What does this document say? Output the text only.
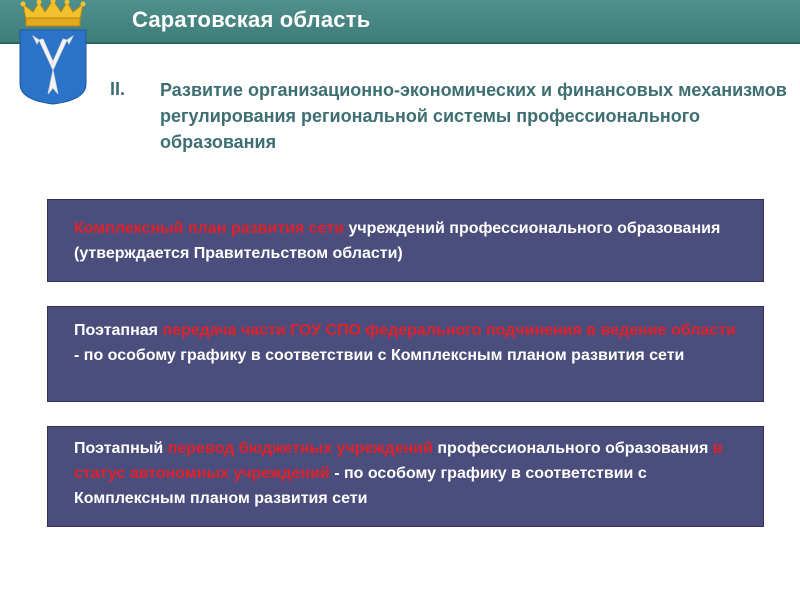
Саратовская область
II. Развитие организационно-экономических и финансовых механизмов регулирования региональной системы профессионального образования
Комплексный план развития сети учреждений профессионального образования (утверждается Правительством области)
Поэтапная передача части ГОУ СПО федерального подчинения в ведение области - по особому графику в соответствии с Комплексным планом развития сети
Поэтапный перевод бюджетных учреждений профессионального образования в статус автономных учреждений - по особому графику в соответствии с Комплексным планом развития сети
